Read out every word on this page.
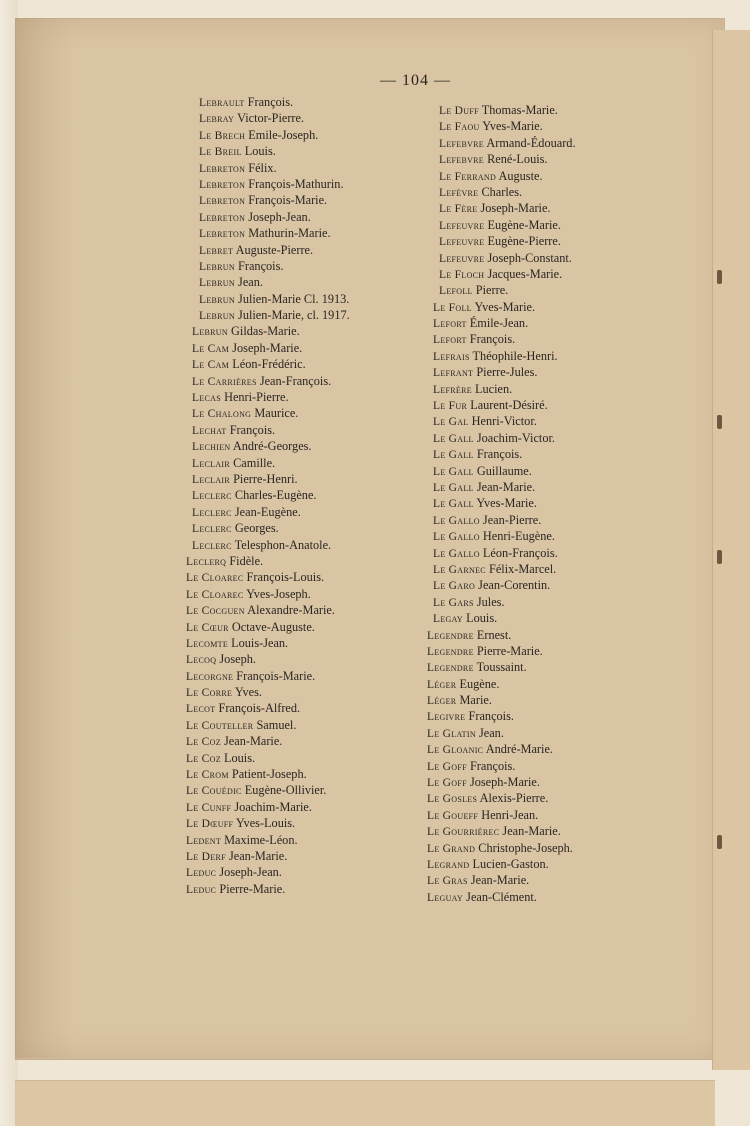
— 104 —
Lebrault François.
Lebray Victor-Pierre.
Le Brech Emile-Joseph.
Le Breil Louis.
Lebreton Félix.
Lebreton François-Mathurin.
Lebreton François-Marie.
Lebreton Joseph-Jean.
Lebreton Mathurin-Marie.
Lebret Auguste-Pierre.
Lebrun François.
Lebrun Jean.
Lebrun Julien-Marie Cl. 1913.
Lebrun Julien-Marie, cl. 1917.
Lebrun Gildas-Marie.
Le Cam Joseph-Marie.
Le Cam Léon-Frédéric.
Le Carrières Jean-François.
Lecas Henri-Pierre.
Le Chalong Maurice.
Lechat François.
Lechien André-Georges.
Leclair Camille.
Leclair Pierre-Henri.
Leclerc Charles-Eugène.
Leclerc Jean-Eugène.
Leclerc Georges.
Leclerc Telesphon-Anatole.
Leclerq Fidèle.
Le Cloarec François-Louis.
Le Cloarec Yves-Joseph.
Le Cocguen Alexandre-Marie.
Le Cœur Octave-Auguste.
Lecomte Louis-Jean.
Lecoq Joseph.
Lecorgne François-Marie.
Le Corre Yves.
Lecot François-Alfred.
Le Couteller Samuel.
Le Coz Jean-Marie.
Le Coz Louis.
Le Crom Patient-Joseph.
Le Couédic Eugène-Ollivier.
Le Cunff Joachim-Marie.
Le Dœuff Yves-Louis.
Ledent Maxime-Léon.
Le Derf Jean-Marie.
Leduc Joseph-Jean.
Leduc Pierre-Marie.
Le Duff Thomas-Marie.
Le Faou Yves-Marie.
Lefebvre Armand-Édouard.
Lefebvre René-Louis.
Le Ferrand Auguste.
Lefèvre Charles.
Le Fère Joseph-Marie.
Lefeuvre Eugène-Marie.
Lefeuvre Eugène-Pierre.
Lefeuvre Joseph-Constant.
Le Floch Jacques-Marie.
Lefoll Pierre.
Le Foll Yves-Marie.
Lefort Émile-Jean.
Lefort François.
Lefrais Théophile-Henri.
Lefrant Pierre-Jules.
Lefrère Lucien.
Le Fur Laurent-Désiré.
Le Gal Henri-Victor.
Le Gall Joachim-Victor.
Le Gall François.
Le Gall Guillaume.
Le Gall Jean-Marie.
Le Gall Yves-Marie.
Le Gallo Jean-Pierre.
Le Gallo Henri-Eugène.
Le Gallo Léon-François.
Le Garnec Félix-Marcel.
Le Garo Jean-Corentin.
Le Gars Jules.
Legay Louis.
Legendre Ernest.
Legendre Pierre-Marie.
Legendre Toussaint.
Léger Eugène.
Léger Marie.
Legivre François.
Le Glatin Jean.
Le Gloanic André-Marie.
Le Goff François.
Le Goff Joseph-Marie.
Le Gosles Alexis-Pierre.
Le Goueff Henri-Jean.
Le Gourriérec Jean-Marie.
Le Grand Christophe-Joseph.
Legrand Lucien-Gaston.
Le Gras Jean-Marie.
Leguay Jean-Clément.
